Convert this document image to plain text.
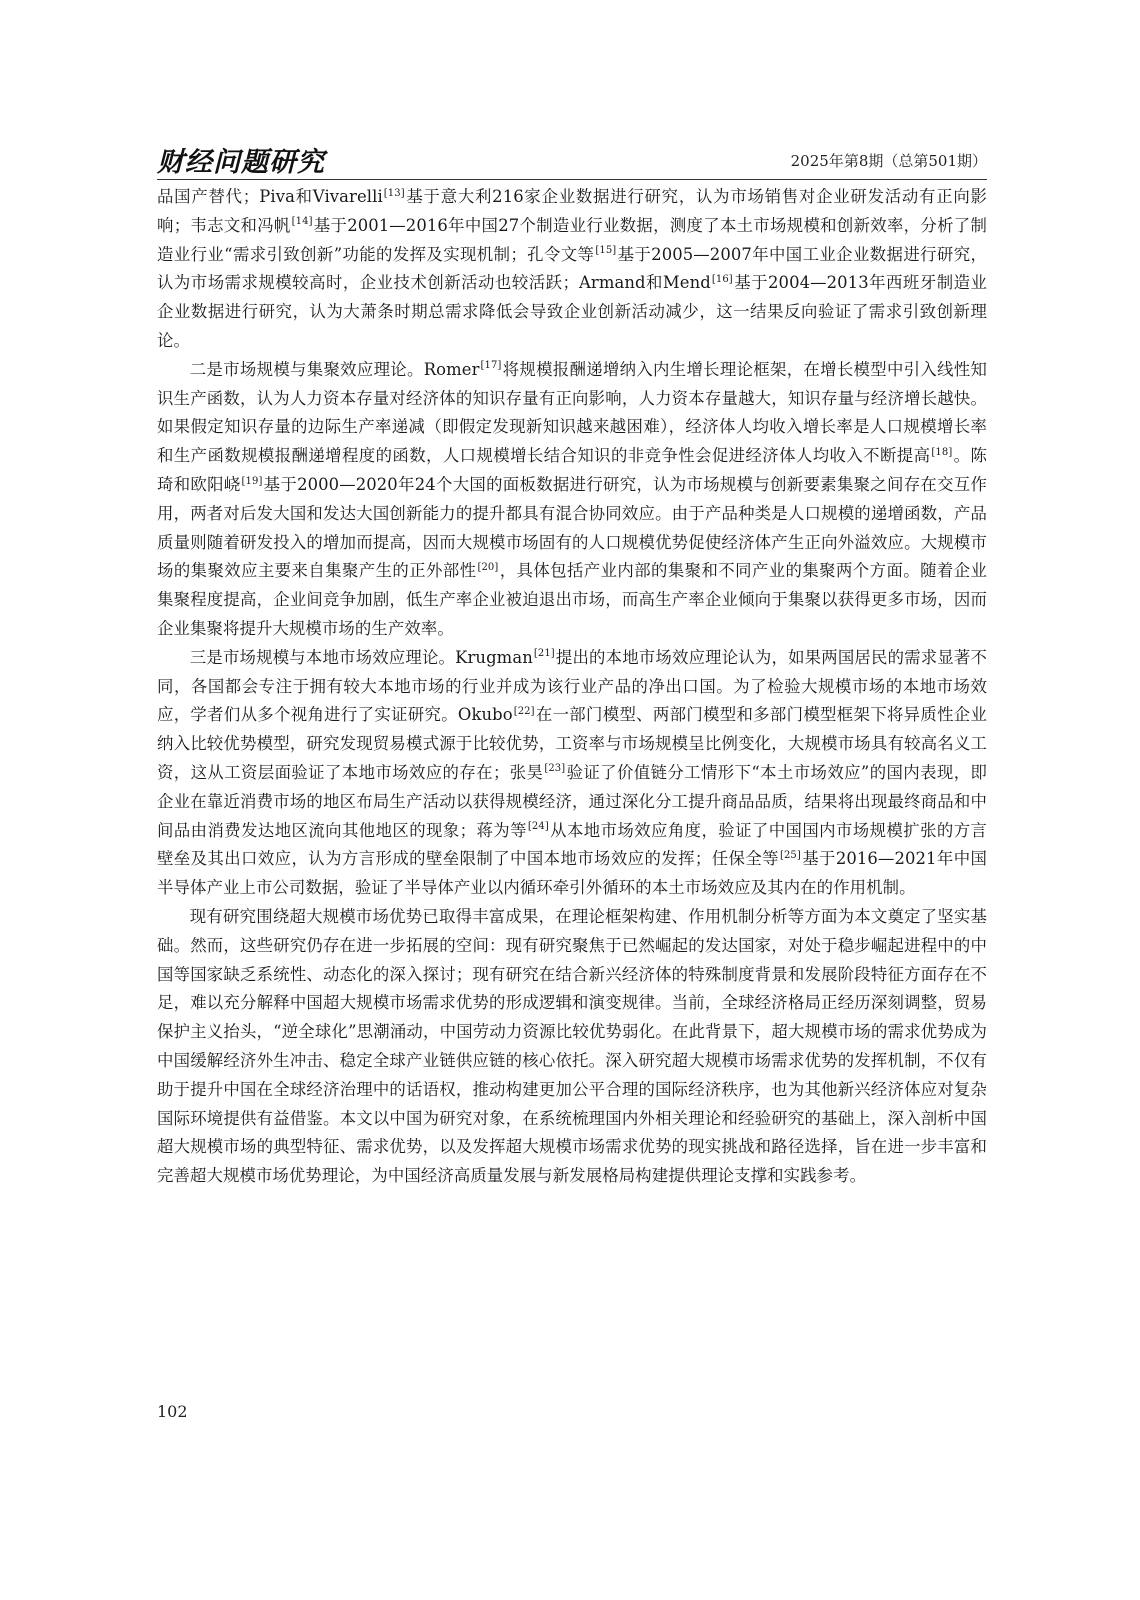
财经问题研究	2025年第8期（总第501期）

品国产替代；Piva和Vivarelli[13]基于意大利216家企业数据进行研究，认为市场销售对企业研发活动有正向影响；韦志文和冯帆[14]基于2001—2016年中国27个制造业行业数据，测度了本土市场规模和创新效率，分析了制造业行业“需求引致创新”功能的发挥及实现机制；孔令文等[15]基于2005—2007年中国工业企业数据进行研究，认为市场需求规模较高时，企业技术创新活动也较活跃；Armand和Mend[16]基于2004—2013年西班牙制造业企业数据进行研究，认为大萧条时期总需求降低会导致企业创新活动减少，这一结果反向验证了需求引致创新理论。

二是市场规模与集聚效应理论。Romer[17]将规模报酬递增纳入内生增长理论框架，在增长模型中引入线性知识生产函数，认为人力资本存量对经济体的知识存量有正向影响，人力资本存量越大，知识存量与经济增长越快。如果假定知识存量的边际生产率递减（即假定发现新知识越来越困难），经济体人均收入增长率是人口规模增长率和生产函数规模报酬递增程度的函数，人口规模增长结合知识的非竞争性会促进经济体人均收入不断提高[18]。陈琦和欧阳峣[19]基于2000—2020年24个大国的面板数据进行研究，认为市场规模与创新要素集聚之间存在交互作用，两者对后发大国和发达大国创新能力的提升都具有混合协同效应。由于产品种类是人口规模的递增函数，产品质量则随着研发投入的增加而提高，因而大规模市场固有的人口规模优势促使经济体产生正向外溢效应。大规模市场的集聚效应主要来自集聚产生的正外部性[20]，具体包括产业内部的集聚和不同产业的集聚两个方面。随着企业集聚程度提高，企业间竞争加剧，低生产率企业被迫退出市场，而高生产率企业倾向于集聚以获得更多市场，因而企业集聚将提升大规模市场的生产效率。

三是市场规模与本地市场效应理论。Krugman[21]提出的本地市场效应理论认为，如果两国居民的需求显著不同，各国都会专注于拥有较大本地市场的行业并成为该行业产品的净出口国。为了检验大规模市场的本地市场效应，学者们从多个视角进行了实证研究。Okubo[22]在一部门模型、两部门模型和多部门模型框架下将异质性企业纳入比较优势模型，研究发现贸易模式源于比较优势，工资率与市场规模呈比例变化，大规模市场具有较高名义工资，这从工资层面验证了本地市场效应的存在；张昊[23]验证了价值链分工情形下“本土市场效应”的国内表现，即企业在靠近消费市场的地区布局生产活动以获得规模经济，通过深化分工提升商品品质，结果将出现最终商品和中间品由消费发达地区流向其他地区的现象；蒋为等[24]从本地市场效应角度，验证了中国国内市场规模扩张的方言壁垒及其出口效应，认为方言形成的壁垒限制了中国本地市场效应的发挥；任保全等[25]基于2016—2021年中国半导体产业上市公司数据，验证了半导体产业以内循环牵引外循环的本土市场效应及其内在的作用机制。

现有研究围绕超大规模市场优势已取得丰富成果，在理论框架构建、作用机制分析等方面为本文奠定了坚实基础。然而，这些研究仍存在进一步拓展的空间：现有研究聚焦于已然崛起的发达国家，对处于稳步崛起进程中的中国等国家缺乏系统性、动态化的深入探讨；现有研究在结合新兴经济体的特殊制度背景和发展阶段特征方面存在不足，难以充分解释中国超大规模市场需求优势的形成逻辑和演变规律。当前，全球经济格局正经历深刻调整，贸易保护主义抬头，“逆全球化”思潮涌动，中国劳动力资源比较优势弱化。在此背景下，超大规模市场的需求优势成为中国缓解经济外生冲击、稳定全球产业链供应链的核心依托。深入研究超大规模市场需求优势的发挥机制，不仅有助于提升中国在全球经济治理中的话语权，推动构建更加公平合理的国际经济秩序，也为其他新兴经济体应对复杂国际环境提供有益借鉴。本文以中国为研究对象，在系统梳理国内外相关理论和经验研究的基础上，深入剖析中国超大规模市场的典型特征、需求优势，以及发挥超大规模市场需求优势的现实挑战和路径选择，旨在进一步丰富和完善超大规模市场优势理论，为中国经济高质量发展与新发展格局构建提供理论支撑和实践参考。

102
